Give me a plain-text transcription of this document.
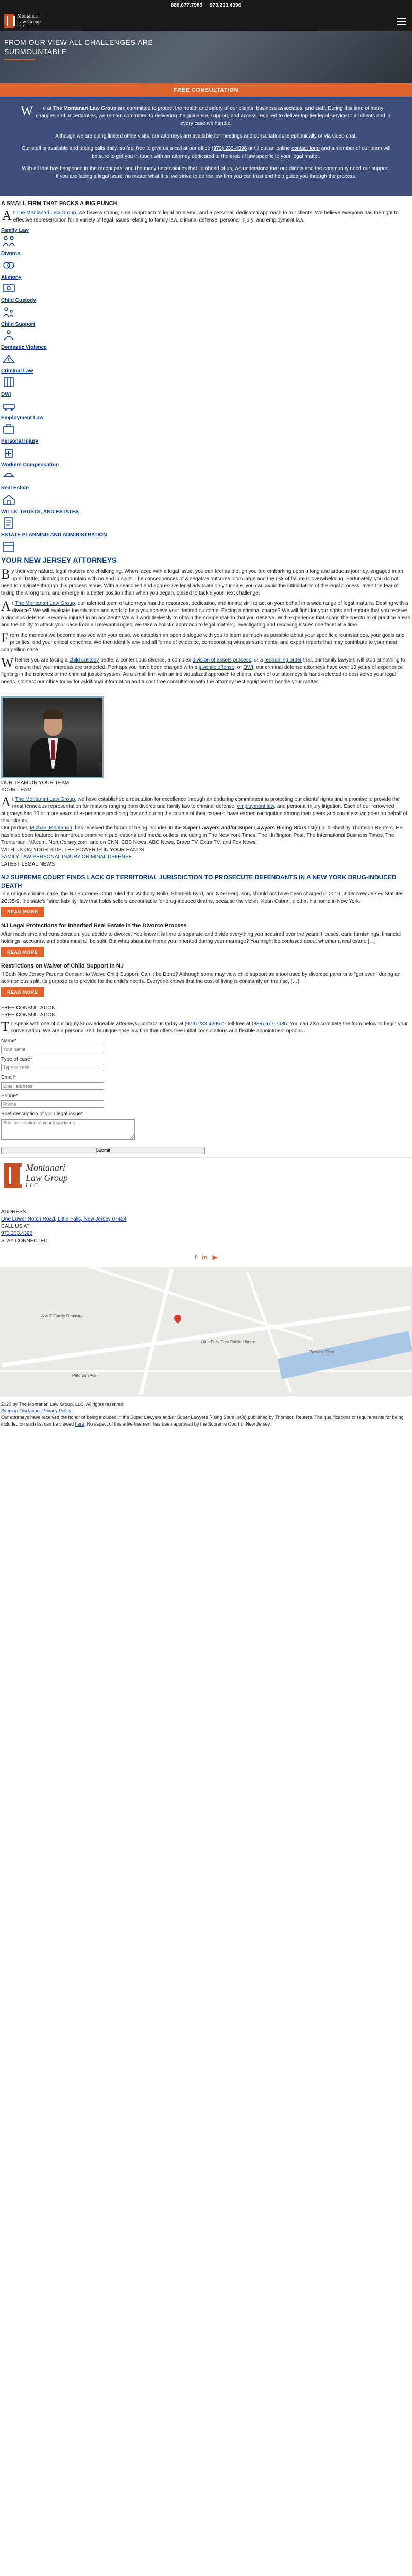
888.677.7985 973.233.4396
Montanari
Law Group
L.L.C.
FROM OUR VIEW ALL CHALLENGES ARE SURMOUNTABLE
FREE CONSULTATION

W e at The Montanari Law Group are committed to protect the health and safety of our clients, business associates, and staff. During this time of many changes and uncertainties, we remain committed to delivering the guidance, support, and access required to deliver top tier legal service to all clients and in every case we handle.

Although we are doing limited office visits, our attorneys are available for meetings and consultations telephonically or via video chat.

Our staff is available and taking calls daily, so feel free to give us a call at our office (973) 233-4396 or fill out an online contact form and a member of our team will be sure to get you in touch with an attorney dedicated to the area of law specific to your legal matter.

With all that has happened in the recent past and the many uncertainties that lie ahead of us, we understand that our clients and the community need our support. If you are facing a legal issue, no matter what it is, we strive to be the law firm you can trust and help guide you through the process.

A SMALL FIRM THAT PACKS A BIG PUNCH

At The Montanari Law Group, we have a strong, small approach to legal problems, and a personal, dedicated approach to our clients. We believe everyone has the right to effective representation for a variety of legal issues relating to family law, criminal defense, personal injury, and employment law.

Family Law
Divorce
Alimony
Child Custody
Child Support
Domestic Violence
Criminal Law
DWI
Employment Law
Personal Injury
Workers Compensation
Real Estate
WILLS, TRUSTS, AND ESTATES
ESTATE PLANNING AND ADMINISTRATION
YOUR NEW JERSEY ATTORNEYS

By their very nature, legal matters are challenging. When faced with a legal issue, you can feel as though you are embarking upon a long and arduous journey, engaged in an uphill battle, climbing a mountain with no end in sight. The consequences of a negative outcome loom large and the risk of failure is overwhelming. Fortunately, you do not need to navigate through this process alone. With a seasoned and aggressive legal advocate on your side, you can avoid the intimidation of the legal process, avert the fear of taking the wrong turn, and emerge in a better position than when you began, poised to tackle your next challenge.

At The Montanari Law Group, our talented team of attorneys has the resources, dedication, and innate skill to act on your behalf in a wide range of legal matters. Dealing with a divorce? We will evaluate the situation and work to help you achieve your desired outcome. Facing a criminal charge? We will fight for your rights and ensure that you receive a vigorous defense. Severely injured in an accident? We will work tirelessly to obtain the compensation that you deserve. With experience that spans the spectrum of practice areas and the ability to attack your case from all relevant angles, we take a holistic approach to legal matters, investigating and resolving issues one facet at a time.

From the moment we become involved with your case, we establish an open dialogue with you to learn as much as possible about your specific circumstances, your goals and priorities, and your critical concerns. We then identify any and all forms of evidence, corroborating witness statements, and expert reports that may contribute to your most compelling case.

Whether you are facing a child custody battle, a contentious divorce, a complex division of assets process, or a restraining order trial, our family lawyers will stop at nothing to ensure that your interests are protected. Perhaps you have been charged with a juvenile offense, or DWI; our criminal defense attorneys have over 10 years of experience fighting in the trenches of the criminal justice system. As a small firm with an individualized approach to clients, each of our attorneys is hand-selected to best serve your legal needs. Contact our office today for additional information and a cost-free consultation with the attorney best equipped to handle your matter.

OUR TEAM ON YOUR TEAM
YOUR TEAM

At The Montanari Law Group, we have established a reputation for excellence through an enduring commitment to protecting our clients' rights and a promise to provide the most tenacious representation for matters ranging from divorce and family law to criminal defense, employment law, and personal injury litigation. Each of our renowned attorneys has 10 or more years of experience practicing law and during the course of their careers, have earned recognition among their peers and countless victories on behalf of their clients.

Our partner, Michael Montanari, has received the honor of being included in the Super Lawyers and/or Super Lawyers Rising Stars list(s) published by Thomson Reuters. He has also been featured in numerous prominent publications and media outlets, including in The New York Times, The Huffington Post, The International Business Times, The Trentonian, NJ.com, NorthJersey.com, and on CNN, CBS News, ABC News, Bravo TV, Extra TV, and Fox News.

WITH US ON YOUR SIDE, THE POWER IS IN YOUR HANDS
FAMILY LAW PERSONAL INJURY CRIMINAL DEFENSE
LATEST LEGAL NEWS
NJ SUPREME COURT FINDS LACK OF TERRITORIAL JURISDICTION TO PROSECUTE DEFENDANTS IN A NEW YORK DRUG-INDUCED DEATH

In a unique criminal case, the NJ Supreme Court ruled that Anthony Rollo, Shameik Byrd, and Noel Ferguson, should not have been charged in 2016 under New Jersey Statutes 2C:35-9, the state's "strict liability" law that holds sellers accountable for drug-induced deaths, because the victim, Kean Cabral, died at his home in New York.

READ MORE
NJ Legal Protections for Inherited Real Estate in the Divorce Process

After much time and consideration, you decide to divorce. You know it is time to separate and divide everything you acquired over the years. Houses, cars, furnishings, financial holdings, accounts, and debts must all be split. But what about the home you inherited during your marriage? You might be confused about whether a real estate […]

READ MORE
Restrictions on Waiver of Child Support in NJ

If Both New Jersey Parents Consent to Waive Child Support, Can it be Done? Although some may view child support as a tool used by divorced parents to "get even" during an acrimonious split, its purpose is to provide for the child's needs. Everyone knows that the cost of living is constantly on the rise, […]

READ MORE
FREE CONSULTATION
FREE CONSULTATION

To speak with one of our highly knowledgeable attorneys, contact us today at (973) 233-4396 or toll-free at (888) 677-7985. You can also complete the form below to begin your conversation. We are a personalized, boutique-style law firm that offers free initial consultations and flexible appointment options.

Name*
Your name
Type of case*
Type of case
Email*
Email address
Phone*
Phone
Brief description of your legal issue*
Brief description of your legal issue
Submit
Montanari
Law Group
L.L.C.
ADDRESS
One Lower Notch Road, Little Falls, New Jersey 07424
CALL US AT
973.233.4396
STAY CONNECTED
f in ▶
Little Falls Free Public Library
Passaic River
Paterson Ave
A to Z Family Dentistry
2020 by The Montanari Law Group, LLC. All rights reserved
Sitemap Disclaimer Privacy Policy

Our attorneys have received the honor of being included in the Super Lawyers and/or Super Lawyers Rising Stars list(s) published by Thomson Reuters. The qualifications or requirements for being included on such list can be viewed here. No aspect of this advertisement has been approved by the Supreme Court of New Jersey.
